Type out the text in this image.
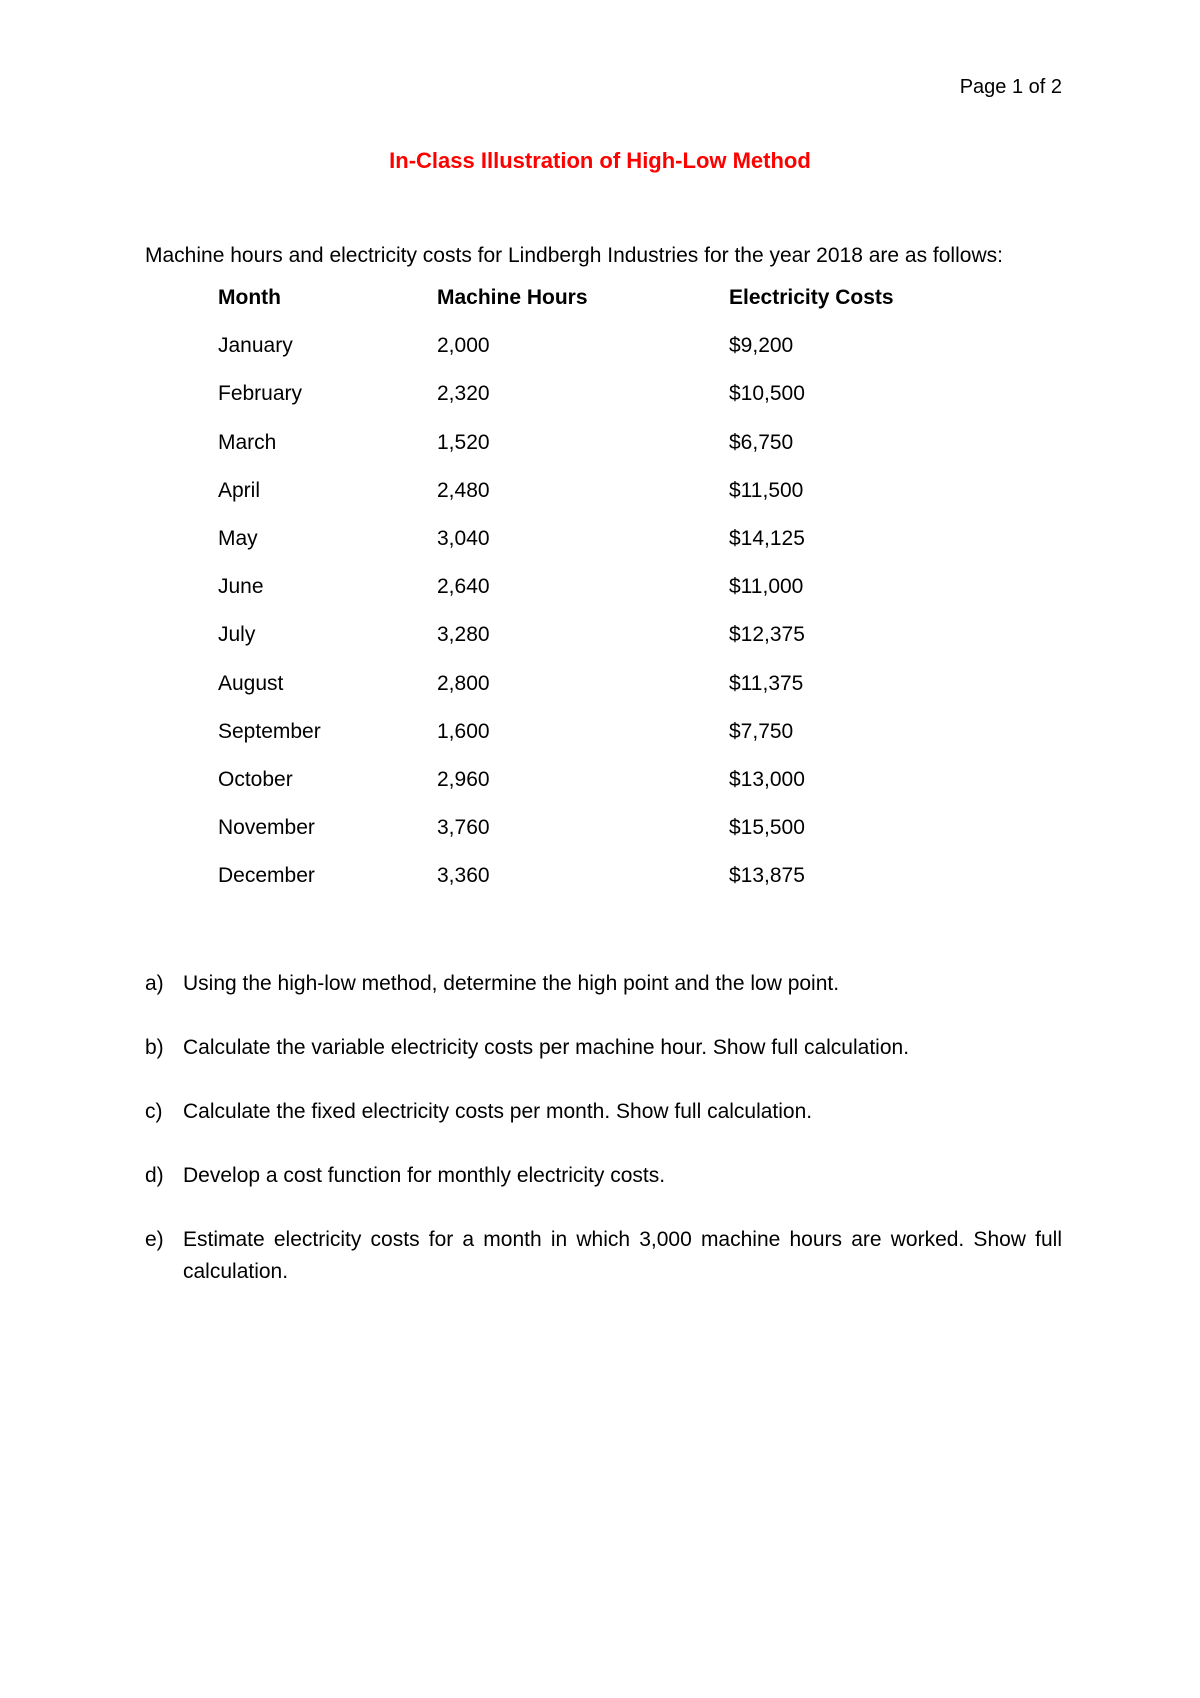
Page 1 of 2
In-Class Illustration of High-Low Method
Machine hours and electricity costs for Lindbergh Industries for the year 2018 are as follows:
Month	Machine Hours	Electricity Costs
January	2,000	$9,200
February	2,320	$10,500
March	1,520	$6,750
April	2,480	$11,500
May	3,040	$14,125
June	2,640	$11,000
July	3,280	$12,375
August	2,800	$11,375
September	1,600	$7,750
October	2,960	$13,000
November	3,760	$15,500
December	3,360	$13,875
a) Using the high-low method, determine the high point and the low point.
b) Calculate the variable electricity costs per machine hour. Show full calculation.
c) Calculate the fixed electricity costs per month. Show full calculation.
d) Develop a cost function for monthly electricity costs.
e) Estimate electricity costs for a month in which 3,000 machine hours are worked. Show full calculation.
